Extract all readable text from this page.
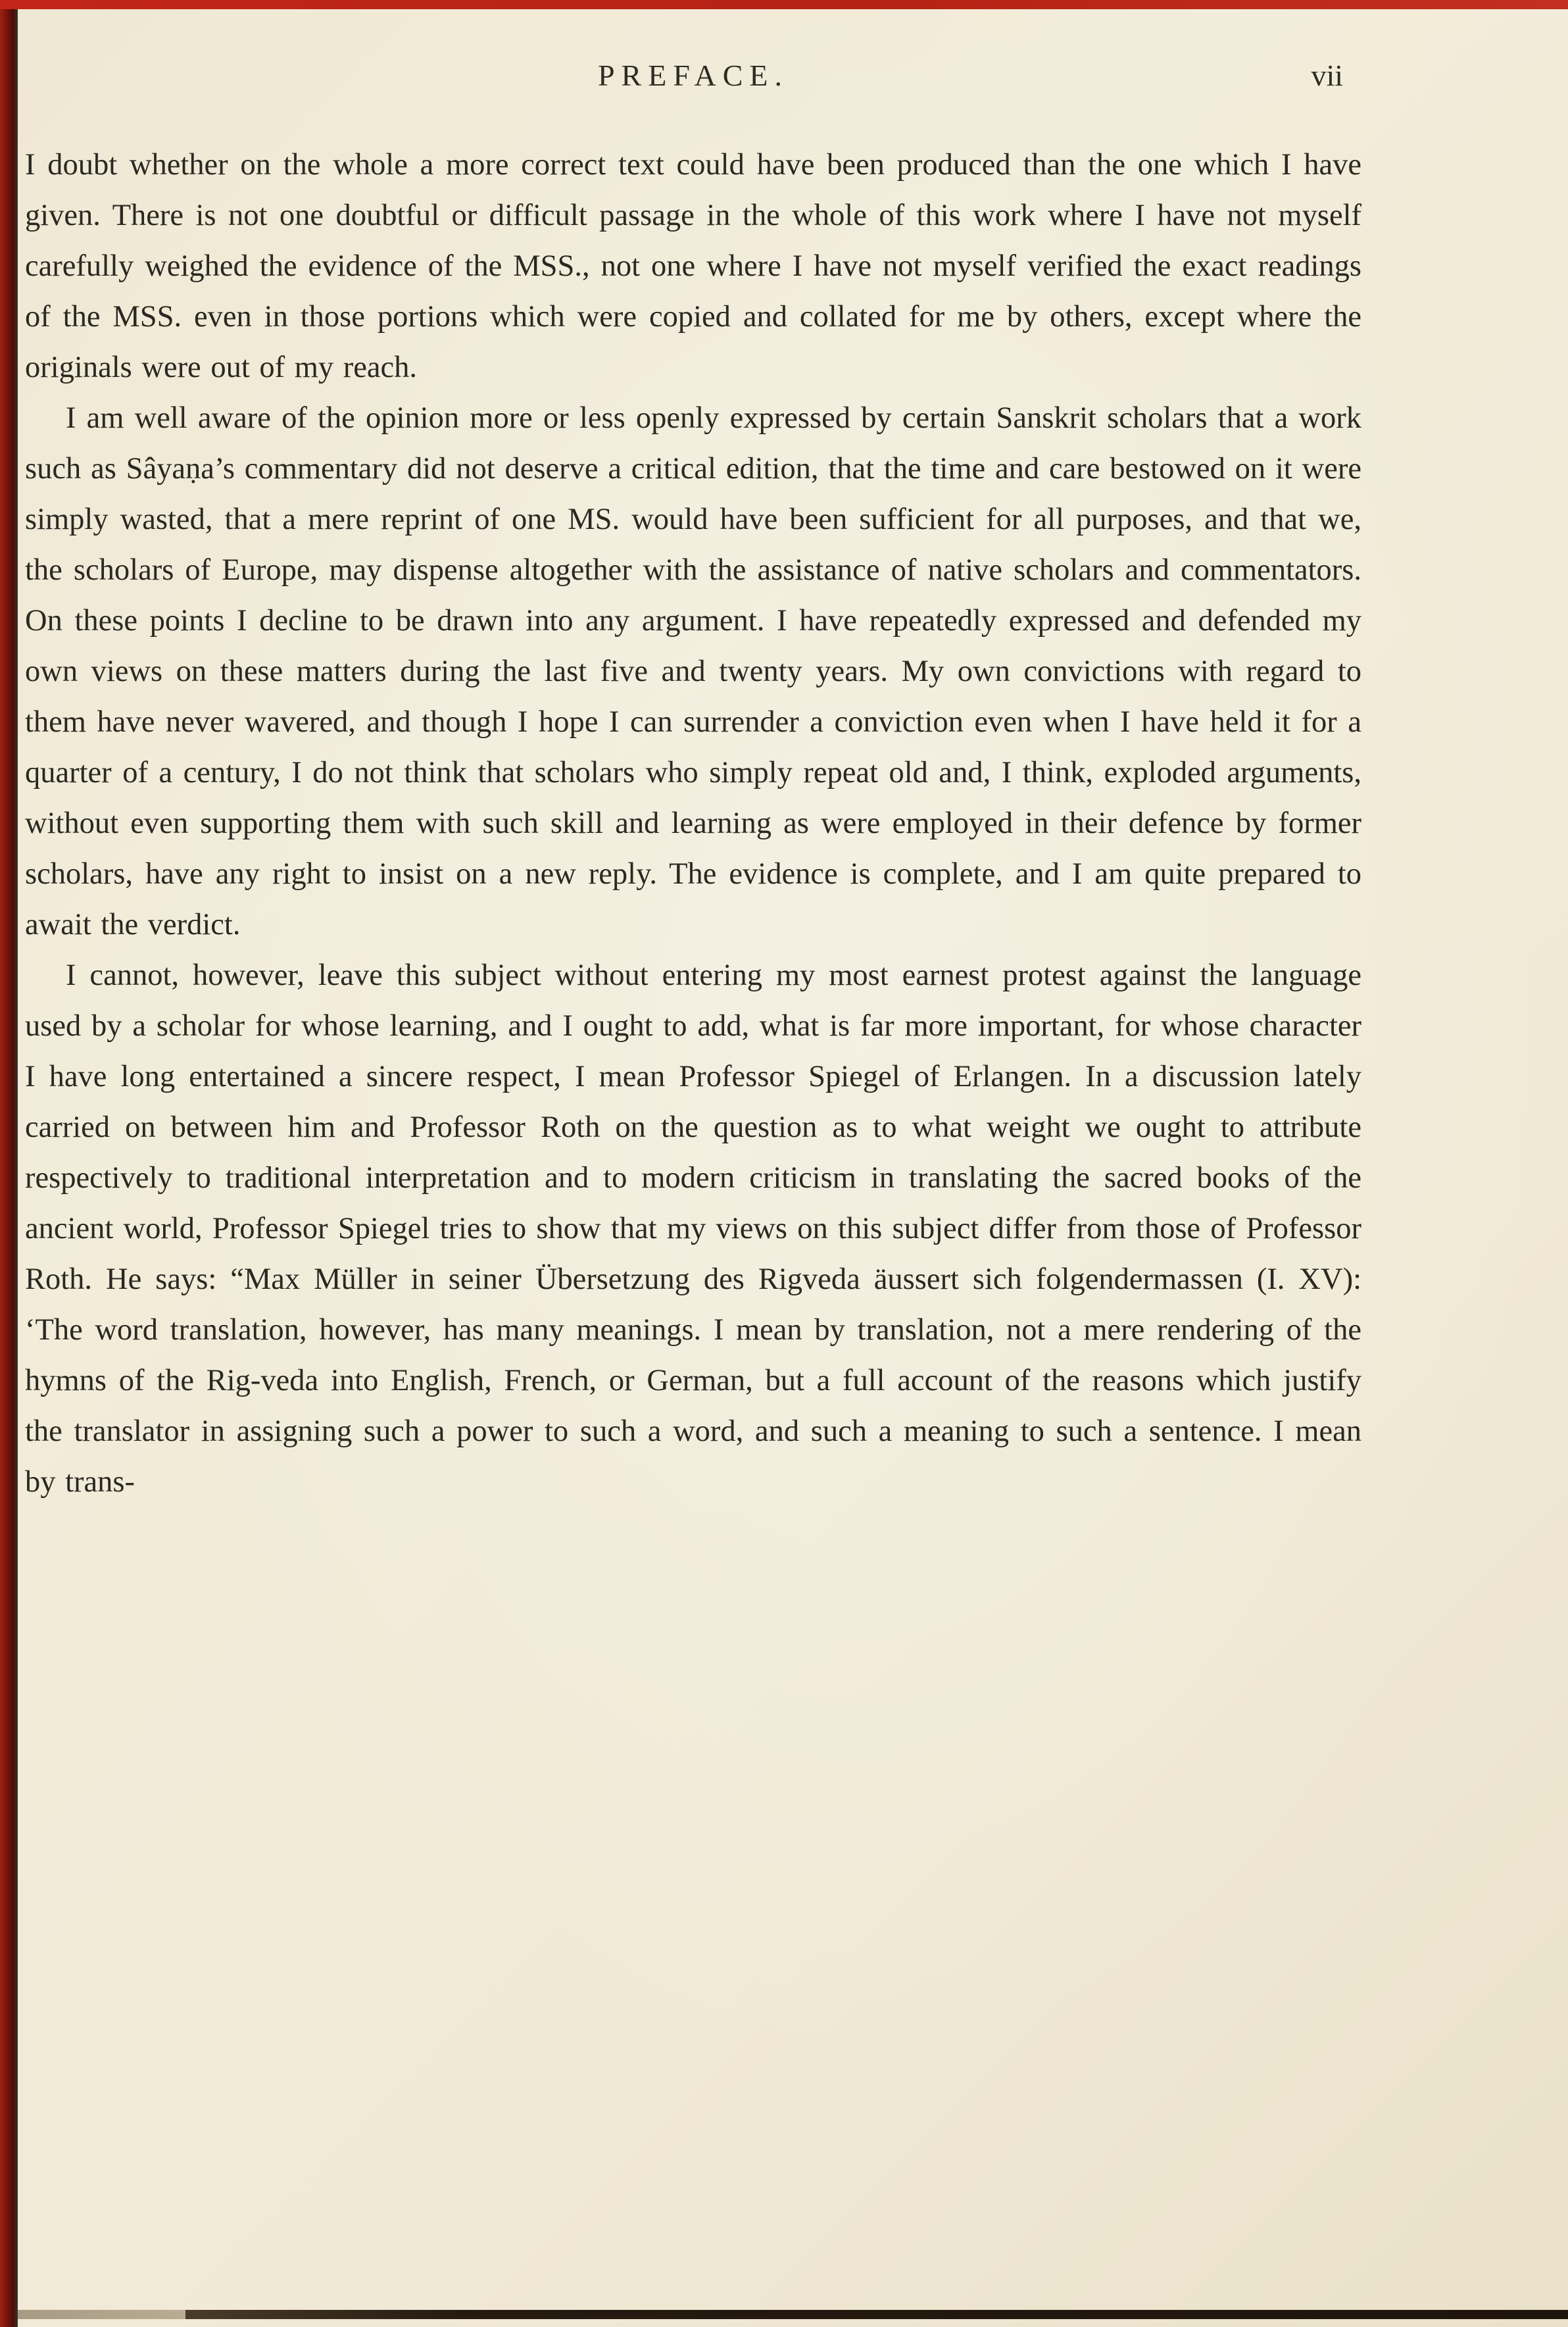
PREFACE.	vii

I doubt whether on the whole a more correct text could have been produced than the one which I have given. There is not one doubtful or difficult passage in the whole of this work where I have not myself carefully weighed the evidence of the MSS., not one where I have not myself verified the exact readings of the MSS. even in those portions which were copied and collated for me by others, except where the originals were out of my reach.

I am well aware of the opinion more or less openly expressed by certain Sanskrit scholars that a work such as Sâyaṇa’s commentary did not deserve a critical edition, that the time and care bestowed on it were simply wasted, that a mere reprint of one MS. would have been sufficient for all purposes, and that we, the scholars of Europe, may dispense altogether with the assistance of native scholars and commentators. On these points I decline to be drawn into any argument. I have repeatedly expressed and defended my own views on these matters during the last five and twenty years. My own convictions with regard to them have never wavered, and though I hope I can surrender a conviction even when I have held it for a quarter of a century, I do not think that scholars who simply repeat old and, I think, exploded arguments, without even supporting them with such skill and learning as were employed in their defence by former scholars, have any right to insist on a new reply. The evidence is complete, and I am quite prepared to await the verdict.

I cannot, however, leave this subject without entering my most earnest protest against the language used by a scholar for whose learning, and I ought to add, what is far more important, for whose character I have long entertained a sincere respect, I mean Professor Spiegel of Erlangen. In a discussion lately carried on between him and Professor Roth on the question as to what weight we ought to attribute respectively to traditional interpretation and to modern criticism in translating the sacred books of the ancient world, Professor Spiegel tries to show that my views on this subject differ from those of Professor Roth. He says: “Max Müller in seiner Übersetzung des Rigveda äussert sich folgendermassen (I. XV): ‘The word translation, however, has many meanings. I mean by translation, not a mere rendering of the hymns of the Rig-veda into English, French, or German, but a full account of the reasons which justify the translator in assigning such a power to such a word, and such a meaning to such a sentence. I mean by trans-
